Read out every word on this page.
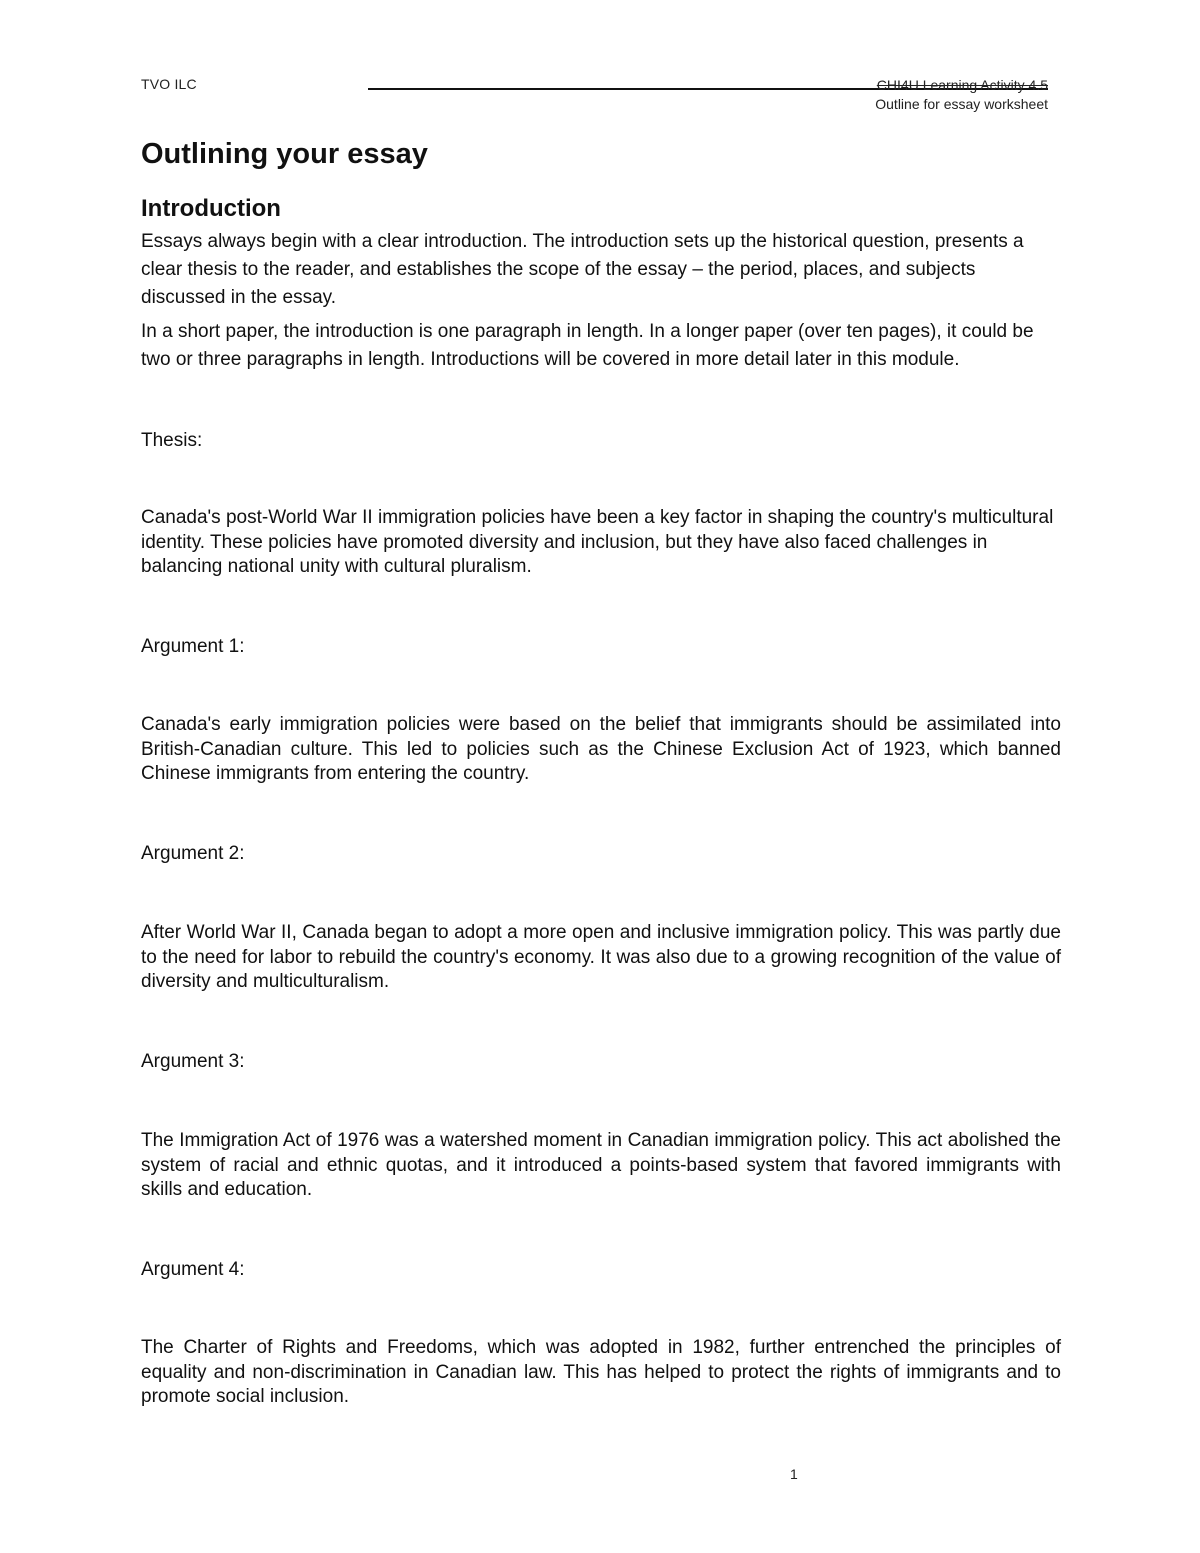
TVO ILC	CHI4U Learning Activity 4.5
Outline for essay worksheet
Outlining your essay
Introduction

Essays always begin with a clear introduction. The introduction sets up the historical question, presents a clear thesis to the reader, and establishes the scope of the essay – the period, places, and subjects discussed in the essay.

In a short paper, the introduction is one paragraph in length. In a longer paper (over ten pages), it could be two or three paragraphs in length. Introductions will be covered in more detail later in this module.

Thesis:

Canada's post-World War II immigration policies have been a key factor in shaping the country's multicultural identity. These policies have promoted diversity and inclusion, but they have also faced challenges in balancing national unity with cultural pluralism.

Argument 1:

Canada's early immigration policies were based on the belief that immigrants should be assimilated into British-Canadian culture. This led to policies such as the Chinese Exclusion Act of 1923, which banned Chinese immigrants from entering the country.

Argument 2:

After World War II, Canada began to adopt a more open and inclusive immigration policy. This was partly due to the need for labor to rebuild the country's economy. It was also due to a growing recognition of the value of diversity and multiculturalism.

Argument 3:

The Immigration Act of 1976 was a watershed moment in Canadian immigration policy. This act abolished the system of racial and ethnic quotas, and it introduced a points-based system that favored immigrants with skills and education.

Argument 4:

The Charter of Rights and Freedoms, which was adopted in 1982, further entrenched the principles of equality and non-discrimination in Canadian law. This has helped to protect the rights of immigrants and to promote social inclusion.

1
